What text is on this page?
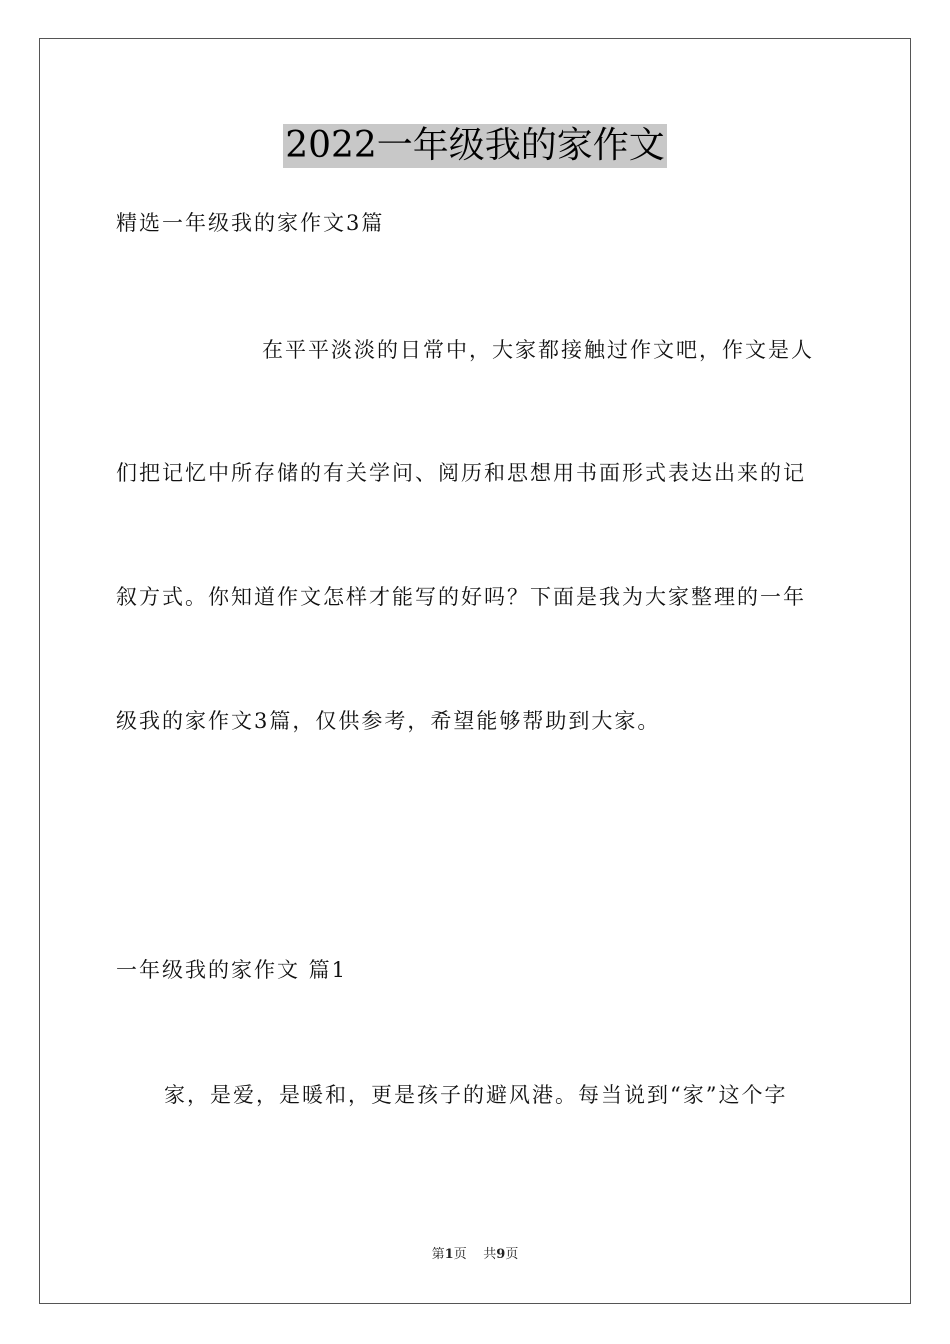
2022一年级我的家作文
精选一年级我的家作文3篇
在平平淡淡的日常中，大家都接触过作文吧，作文是人
们把记忆中所存储的有关学问、阅历和思想用书面形式表达出来的记
叙方式。你知道作文怎样才能写的好吗？下面是我为大家整理的一年
级我的家作文3篇，仅供参考，希望能够帮助到大家。
一年级我的家作文 篇1
家，是爱，是暖和，更是孩子的避风港。每当说到“家”这个字
第1页 共9页
